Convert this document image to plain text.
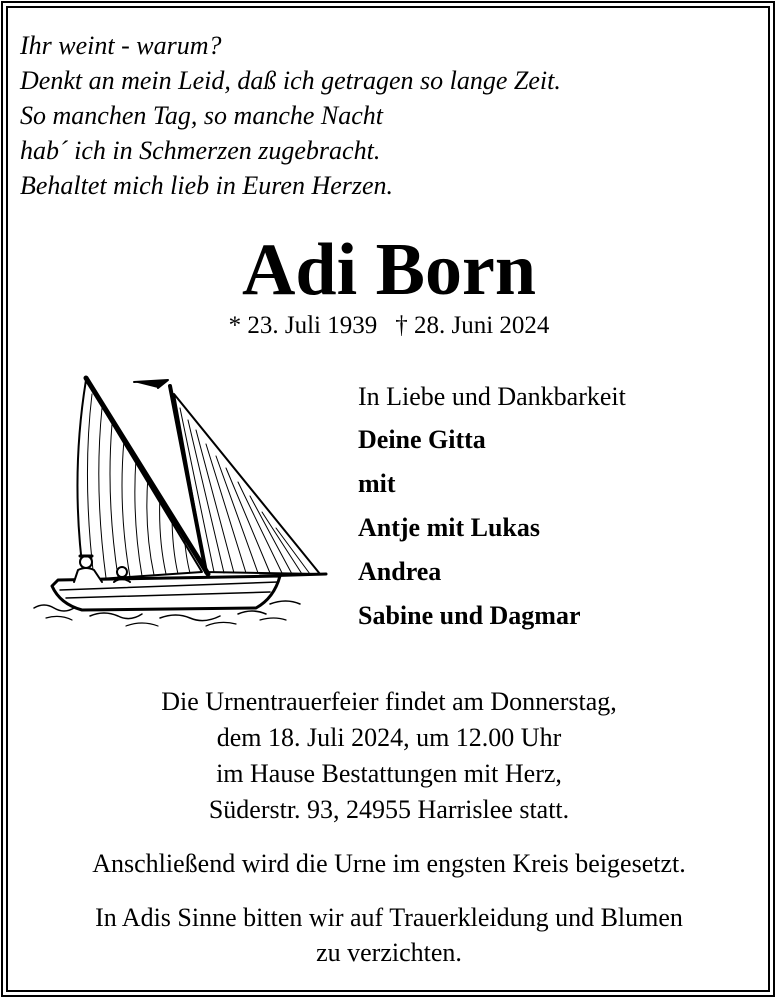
Ihr weint - warum?
Denkt an mein Leid, daß ich getragen so lange Zeit.
So manchen Tag, so manche Nacht
hab´ ich in Schmerzen zugebracht.
Behaltet mich lieb in Euren Herzen.
Adi Born
* 23. Juli 1939 † 28. Juni 2024
In Liebe und Dankbarkeit
Deine Gitta
mit
Antje mit Lukas
Andrea
Sabine und Dagmar
Die Urnentrauerfeier findet am Donnerstag,
dem 18. Juli 2024, um 12.00 Uhr
im Hause Bestattungen mit Herz,
Süderstr. 93, 24955 Harrislee statt.
Anschließend wird die Urne im engsten Kreis beigesetzt.
In Adis Sinne bitten wir auf Trauerkleidung und Blumen
zu verzichten.
